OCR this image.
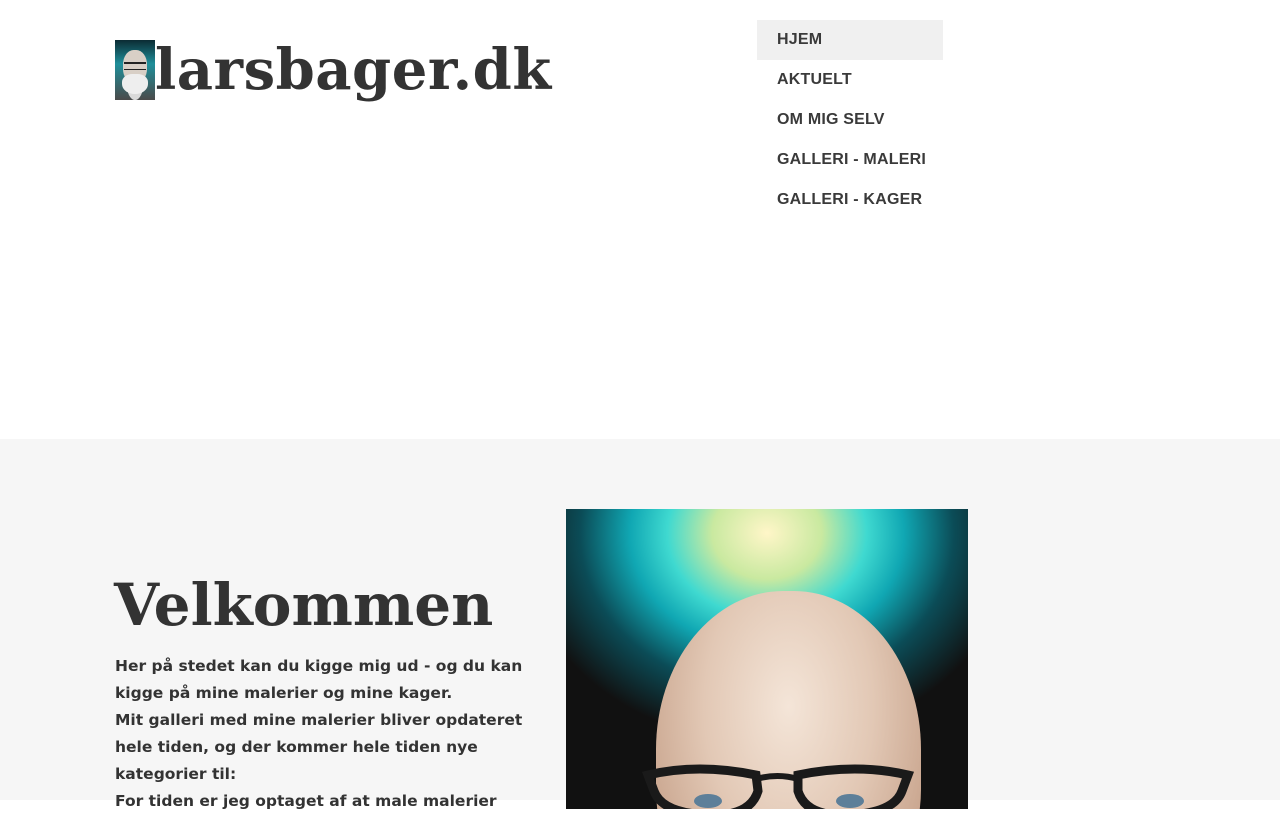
larsbager.dk	HJEM
AKTUELT
OM MIG SELV
GALLERI - MALERI
GALLERI - KAGER
Velkommen

Her på stedet kan du kigge mig ud - og du kan kigge på mine malerier og mine kager.

Mit galleri med mine malerier bliver opdateret hele tiden, og der kommer hele tiden nye kategorier til:

For tiden er jeg optaget af at male malerier
